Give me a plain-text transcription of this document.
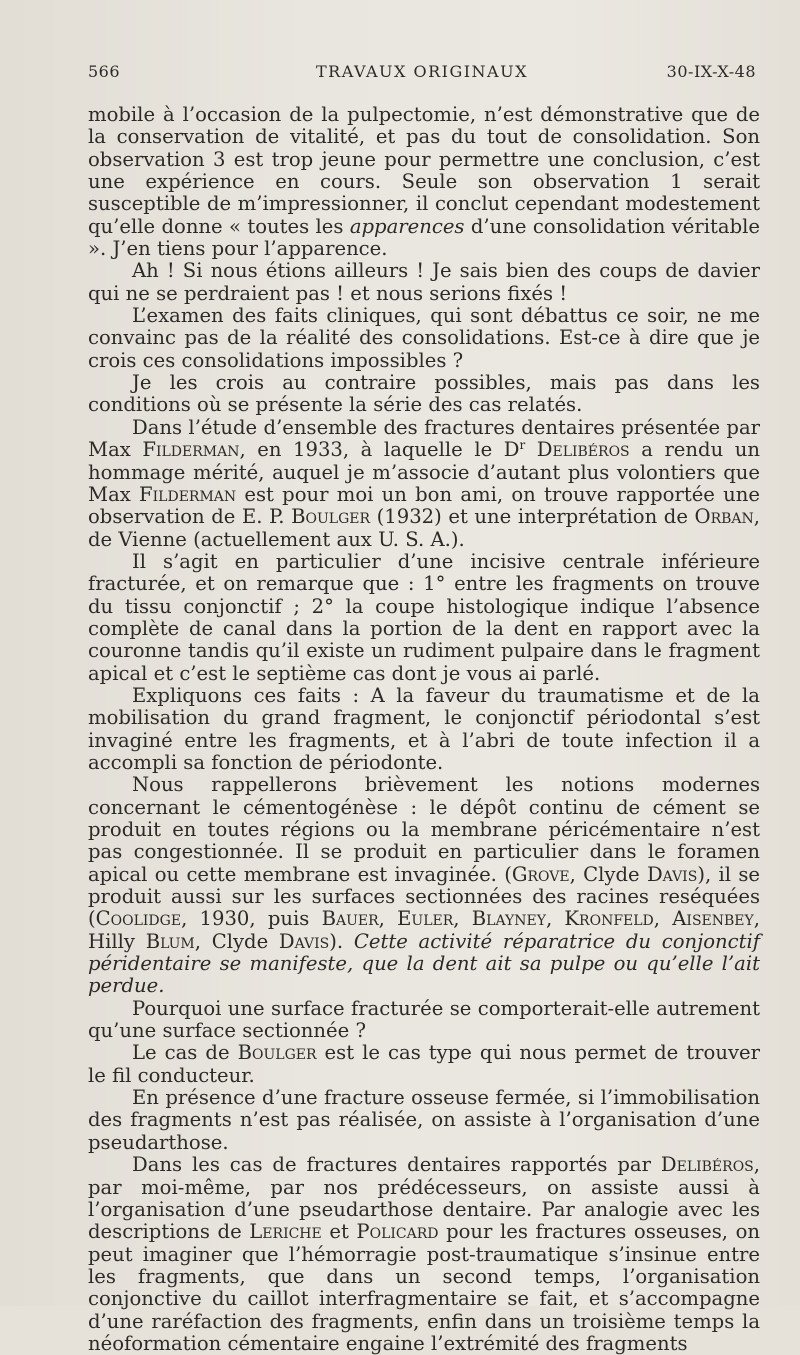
566	TRAVAUX ORIGINAUX	30-IX-X-48

mobile à l’occasion de la pulpectomie, n’est démonstrative que de la conservation de vitalité, et pas du tout de consolidation. Son observation 3 est trop jeune pour permettre une conclusion, c’est une expérience en cours. Seule son observation 1 serait susceptible de m’impressionner, il conclut cependant modestement qu’elle donne « toutes les apparences d’une consolidation véritable ». J’en tiens pour l’apparence.

Ah ! Si nous étions ailleurs ! Je sais bien des coups de davier qui ne se perdraient pas ! et nous serions fixés !

L’examen des faits cliniques, qui sont débattus ce soir, ne me convainc pas de la réalité des consolidations. Est-ce à dire que je crois ces consolidations impossibles ?

Je les crois au contraire possibles, mais pas dans les conditions où se présente la série des cas relatés.

Dans l’étude d’ensemble des fractures dentaires présentée par Max Filderman, en 1933, à laquelle le $D^r$ Delibéros a rendu un hommage mérité, auquel je m’associe d’autant plus volontiers que Max Filderman est pour moi un bon ami, on trouve rapportée une observation de E. P. Boulger (1932) et une interprétation de Orban, de Vienne (actuellement aux U. S. A.).

Il s’agit en particulier d’une incisive centrale inférieure fracturée, et on remarque que : 1° entre les fragments on trouve du tissu conjonctif ; 2° la coupe histologique indique l’absence complète de canal dans la portion de la dent en rapport avec la couronne tandis qu’il existe un rudiment pulpaire dans le fragment apical et c’est le septième cas dont je vous ai parlé.

Expliquons ces faits : A la faveur du traumatisme et de la mobilisation du grand fragment, le conjonctif périodontal s’est invaginé entre les fragments, et à l’abri de toute infection il a accompli sa fonction de périodonte.

Nous rappellerons brièvement les notions modernes concernant le cémentogénèse : le dépôt continu de cément se produit en toutes régions ou la membrane péricémentaire n’est pas congestionnée. Il se produit en particulier dans le foramen apical ou cette membrane est invaginée. (Grove, Clyde Davis), il se produit aussi sur les surfaces sectionnées des racines reséquées (Coolidge, 1930, puis Bauer, Euler, Blayney, Kronfeld, Aisenbey, Hilly Blum, Clyde Davis). Cette activité réparatrice du conjonctif péridentaire se manifeste, que la dent ait sa pulpe ou qu’elle l’ait perdue.

Pourquoi une surface fracturée se comporterait-elle autrement qu’une surface sectionnée ?

Le cas de Boulger est le cas type qui nous permet de trouver le fil conducteur.

En présence d’une fracture osseuse fermée, si l’immobilisation des fragments n’est pas réalisée, on assiste à l’organisation d’une pseudarthose.

Dans les cas de fractures dentaires rapportés par Delibéros, par moi-même, par nos prédécesseurs, on assiste aussi à l’organisation d’une pseudarthose dentaire. Par analogie avec les descriptions de Leriche et Policard pour les fractures osseuses, on peut imaginer que l’hémorragie post-traumatique s’insinue entre les fragments, que dans un second temps, l’organisation conjonctive du caillot interfragmentaire se fait, et s’accompagne d’une raréfaction des fragments, enfin dans un troisième temps la néoformation cémentaire engaine l’extrémité des fragments
